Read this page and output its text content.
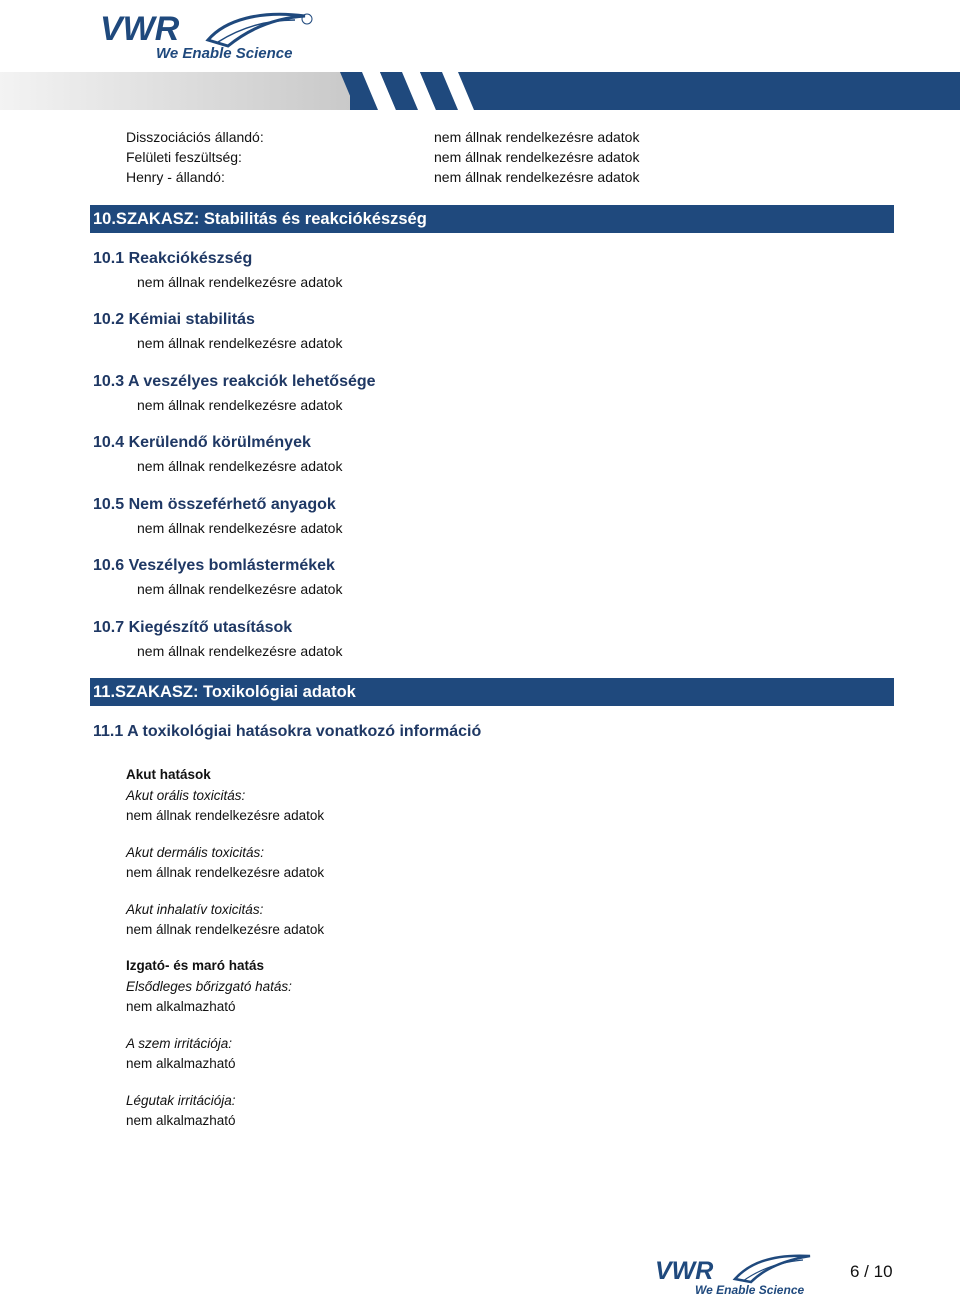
VWR
We Enable Science
Disszociációs állandó:	nem állnak rendelkezésre adatok
Felületi feszültség:	nem állnak rendelkezésre adatok
Henry - állandó:	nem állnak rendelkezésre adatok
10.SZAKASZ: Stabilitás és reakciókészség
10.1 Reakciókészség
nem állnak rendelkezésre adatok
10.2 Kémiai stabilitás
nem állnak rendelkezésre adatok
10.3 A veszélyes reakciók lehetősége
nem állnak rendelkezésre adatok
10.4 Kerülendő körülmények
nem állnak rendelkezésre adatok
10.5 Nem összeférhető anyagok
nem állnak rendelkezésre adatok
10.6 Veszélyes bomlástermékek
nem állnak rendelkezésre adatok
10.7 Kiegészítő utasítások
nem állnak rendelkezésre adatok
11.SZAKASZ: Toxikológiai adatok
11.1 A toxikológiai hatásokra vonatkozó információ
Akut hatások
Akut orális toxicitás:
nem állnak rendelkezésre adatok
Akut dermális toxicitás:
nem állnak rendelkezésre adatok
Akut inhalatív toxicitás:
nem állnak rendelkezésre adatok
Izgató- és maró hatás
Elsődleges bőrizgató hatás:
nem alkalmazható
A szem irritációja:
nem alkalmazható
Légutak irritációja:
nem alkalmazható
VWR
We Enable Science
6 / 10
